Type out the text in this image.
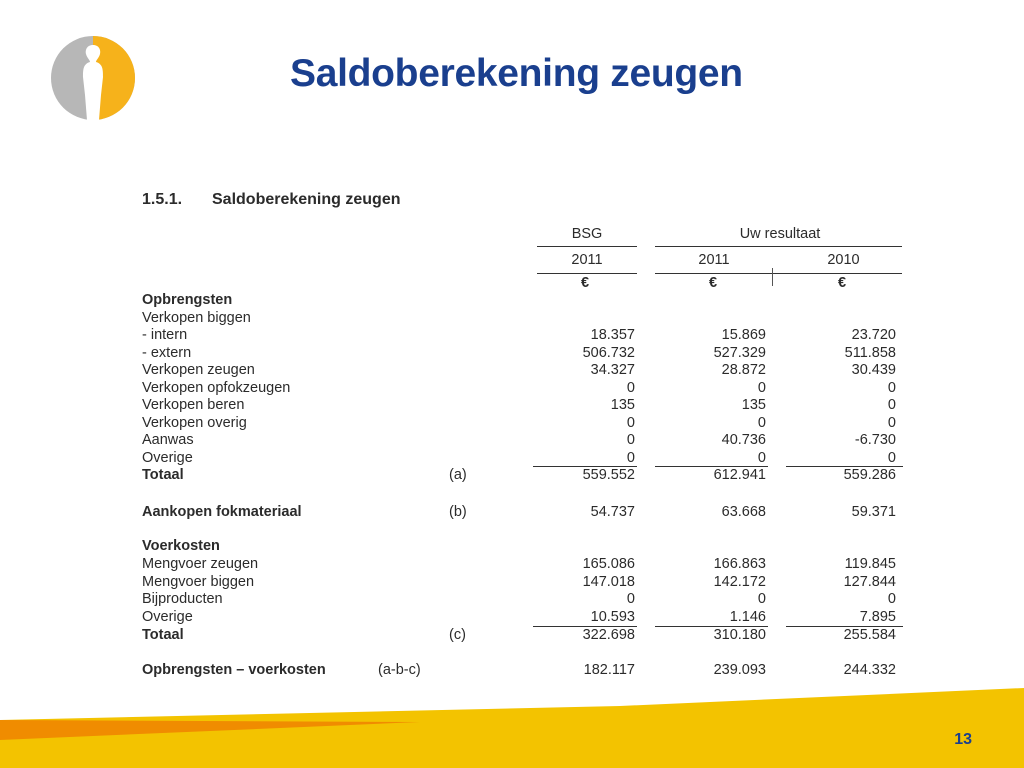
Saldoberekening zeugen
1.5.1. Saldoberekening zeugen
BSG	Uw resultaat
2011	2011	2010
€	€	€
Opbrengsten
Verkopen biggen
- intern	18.357	15.869	23.720
- extern	506.732	527.329	511.858
Verkopen zeugen	34.327	28.872	30.439
Verkopen opfokzeugen	0	0	0
Verkopen beren	135	135	0
Verkopen overig	0	0	0
Aanwas	0	40.736	-6.730
Overige	0	0	0
Totaal	(a)	559.552	612.941	559.286
Aankopen fokmateriaal	(b)	54.737	63.668	59.371
Voerkosten
Mengvoer zeugen	165.086	166.863	119.845
Mengvoer biggen	147.018	142.172	127.844
Bijproducten	0	0	0
Overige	10.593	1.146	7.895
Totaal	(c)	322.698	310.180	255.584
Opbrengsten – voerkosten	(a-b-c)	182.117	239.093	244.332
13
